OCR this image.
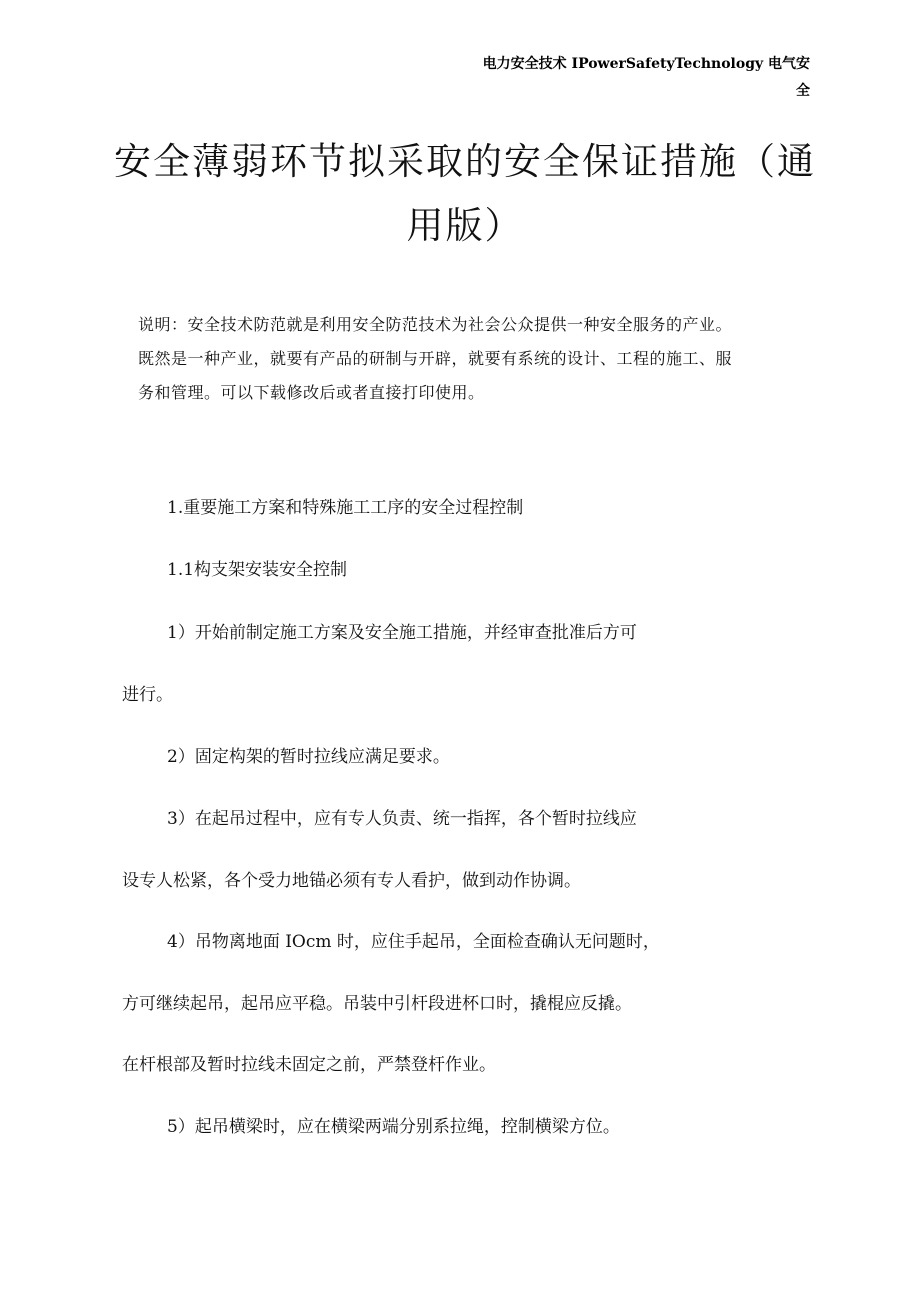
电力安全技术 IPowerSafetyTechnology 电气安
全
安全薄弱环节拟采取的安全保证措施（通
用版）
说明：安全技术防范就是利用安全防范技术为社会公众提供一种安全服务的产业。
既然是一种产业，就要有产品的研制与开辟，就要有系统的设计、工程的施工、服
务和管理。可以下载修改后或者直接打印使用。
1.重要施工方案和特殊施工工序的安全过程控制
1.1构支架安装安全控制
1）开始前制定施工方案及安全施工措施，并经审查批准后方可
进行。
2）固定构架的暂时拉线应满足要求。
3）在起吊过程中，应有专人负责、统一指挥，各个暂时拉线应
设专人松紧，各个受力地锚必须有专人看护，做到动作协调。
4）吊物离地面 IOcm 时，应住手起吊，全面检查确认无问题时，
方可继续起吊，起吊应平稳。吊装中引杆段进杯口时，撬棍应反撬。
在杆根部及暂时拉线未固定之前，严禁登杆作业。
5）起吊横梁时，应在横梁两端分别系拉绳，控制横梁方位。
